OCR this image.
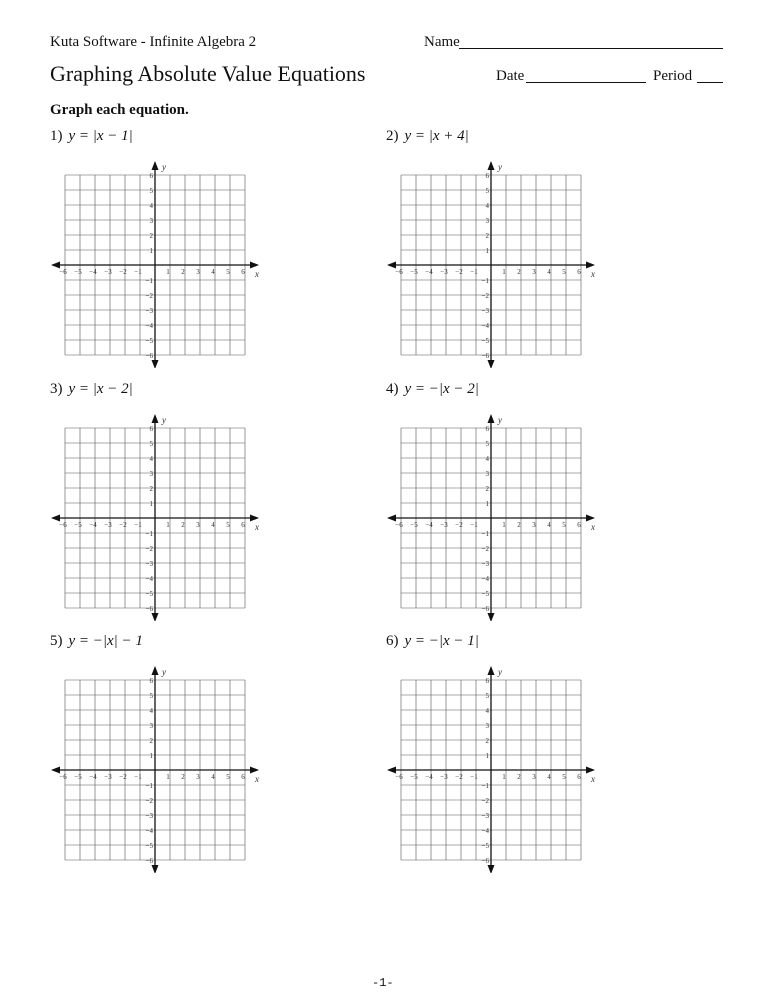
Kuta Software - Infinite Algebra 2	Name
Graphing Absolute Value Equations	Date	Period
Graph each equation.
1) y = |x − 1|
−6 −5 −4 −3 −2 −1	1 2 3 4 5 6
−6
−5
−4
−3
−2
−1
1
2
3
4
5
6
x
y
2) y = |x + 4|
−6 −5 −4 −3 −2 −1	1 2 3 4 5 6
−6
−5
−4
−3
−2
−1
1
2
3
4
5
6
x
y
3) y = |x − 2|
−6 −5 −4 −3 −2 −1	1 2 3 4 5 6
−6
−5
−4
−3
−2
−1
1
2
3
4
5
6
x
y
4) y = −|x − 2|
−6 −5 −4 −3 −2 −1	1 2 3 4 5 6
−6
−5
−4
−3
−2
−1
1
2
3
4
5
6
x
y
5) y = −|x| − 1
−6 −5 −4 −3 −2 −1	1 2 3 4 5 6
−6
−5
−4
−3
−2
−1
1
2
3
4
5
6
x
y
6) y = −|x − 1|
−6 −5 −4 −3 −2 −1	1 2 3 4 5 6
−6
−5
−4
−3
−2
−1
1
2
3
4
5
6
x
y
-1-
